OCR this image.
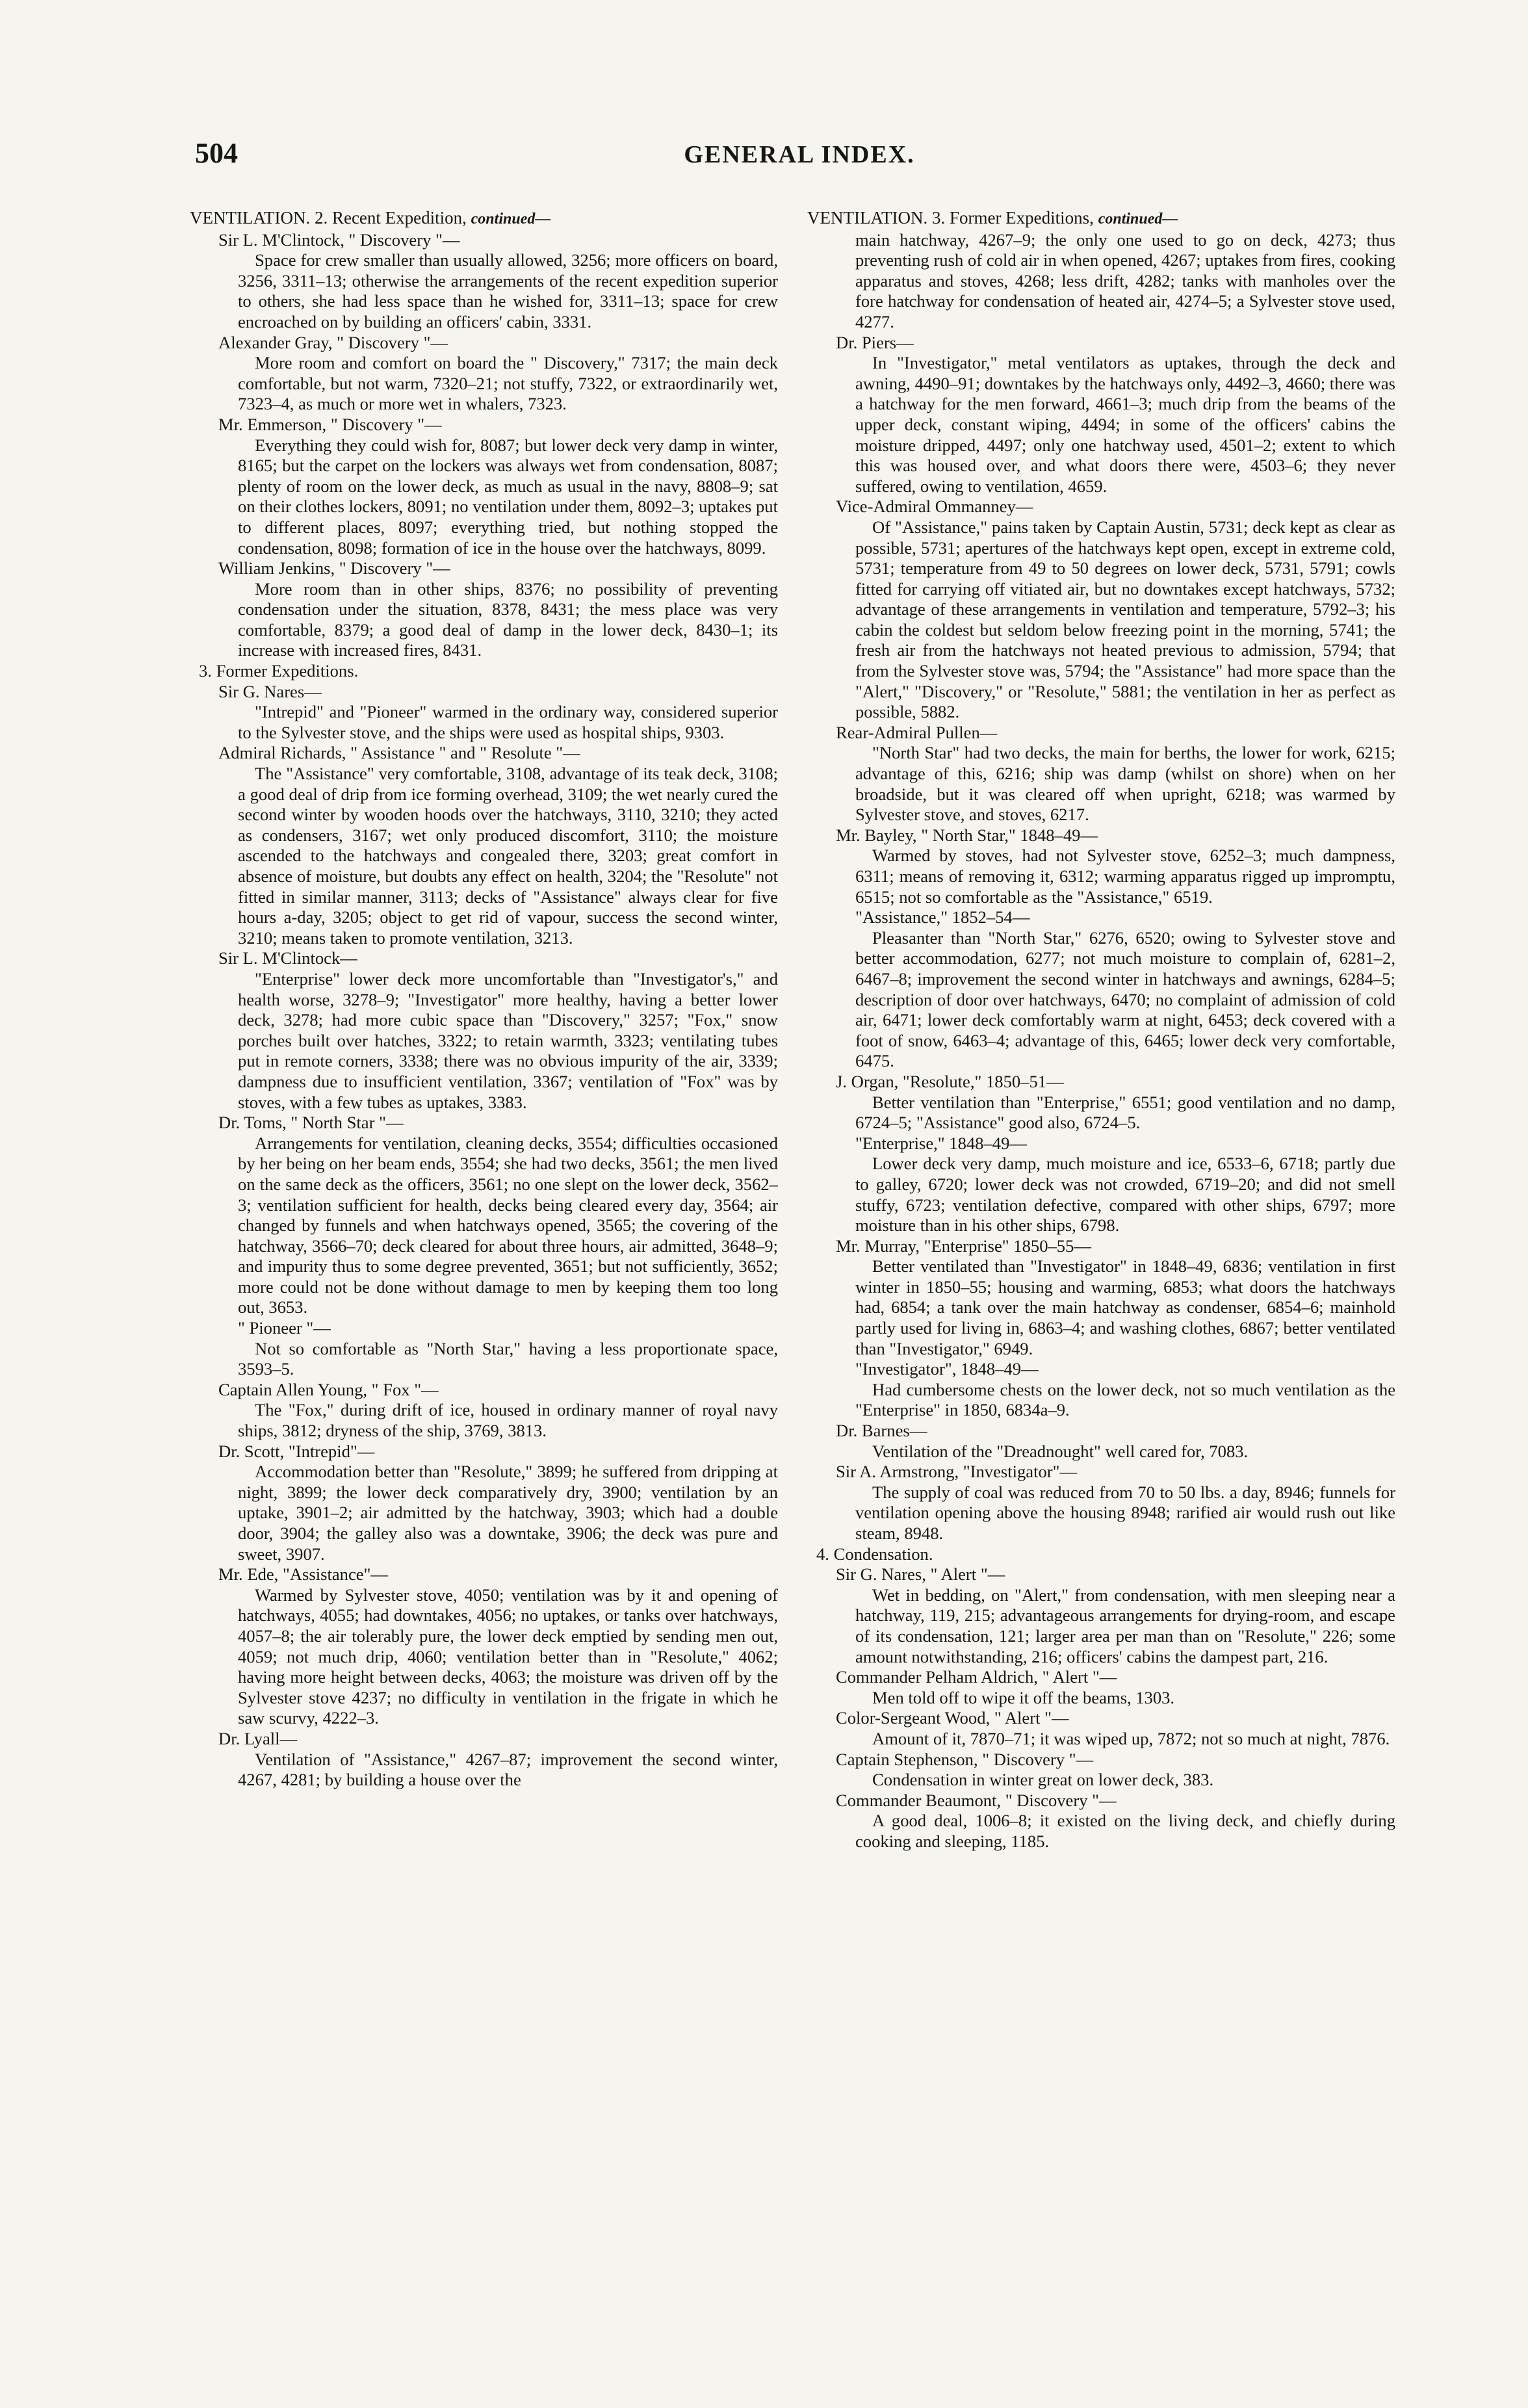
504	GENERAL INDEX.
VENTILATION. 2. Recent Expedition, continued—
Sir L. M'Clintock, " Discovery "—
Space for crew smaller than usually allowed, 3256; more officers on board, 3256, 3311–13; otherwise the arrangements of the recent expedition superior to others, she had less space than he wished for, 3311–13; space for crew encroached on by building an officers' cabin, 3331.
Alexander Gray, " Discovery "—
More room and comfort on board the " Discovery," 7317; the main deck comfortable, but not warm, 7320–21; not stuffy, 7322, or extraordinarily wet, 7323–4, as much or more wet in whalers, 7323.
Mr. Emmerson, " Discovery "—
Everything they could wish for, 8087; but lower deck very damp in winter, 8165; but the carpet on the lockers was always wet from condensation, 8087; plenty of room on the lower deck, as much as usual in the navy, 8808–9; sat on their clothes lockers, 8091; no ventilation under them, 8092–3; uptakes put to different places, 8097; everything tried, but nothing stopped the condensation, 8098; formation of ice in the house over the hatchways, 8099.
William Jenkins, " Discovery "—
More room than in other ships, 8376; no possibility of preventing condensation under the situation, 8378, 8431; the mess place was very comfortable, 8379; a good deal of damp in the lower deck, 8430–1; its increase with increased fires, 8431.
3. Former Expeditions.
Sir G. Nares—
"Intrepid" and "Pioneer" warmed in the ordinary way, considered superior to the Sylvester stove, and the ships were used as hospital ships, 9303.
Admiral Richards, " Assistance " and " Resolute "—
The "Assistance" very comfortable, 3108, advantage of its teak deck, 3108; a good deal of drip from ice forming overhead, 3109; the wet nearly cured the second winter by wooden hoods over the hatchways, 3110, 3210; they acted as condensers, 3167; wet only produced discomfort, 3110; the moisture ascended to the hatchways and congealed there, 3203; great comfort in absence of moisture, but doubts any effect on health, 3204; the "Resolute" not fitted in similar manner, 3113; decks of "Assistance" always clear for five hours a-day, 3205; object to get rid of vapour, success the second winter, 3210; means taken to promote ventilation, 3213.
Sir L. M'Clintock—
"Enterprise" lower deck more uncomfortable than "Investigator's," and health worse, 3278–9; "Investigator" more healthy, having a better lower deck, 3278; had more cubic space than "Discovery," 3257; "Fox," snow porches built over hatches, 3322; to retain warmth, 3323; ventilating tubes put in remote corners, 3338; there was no obvious impurity of the air, 3339; dampness due to insufficient ventilation, 3367; ventilation of "Fox" was by stoves, with a few tubes as uptakes, 3383.
Dr. Toms, " North Star "—
Arrangements for ventilation, cleaning decks, 3554; difficulties occasioned by her being on her beam ends, 3554; she had two decks, 3561; the men lived on the same deck as the officers, 3561; no one slept on the lower deck, 3562–3; ventilation sufficient for health, decks being cleared every day, 3564; air changed by funnels and when hatchways opened, 3565; the covering of the hatchway, 3566–70; deck cleared for about three hours, air admitted, 3648–9; and impurity thus to some degree prevented, 3651; but not sufficiently, 3652; more could not be done without damage to men by keeping them too long out, 3653.
" Pioneer "—
Not so comfortable as "North Star," having a less proportionate space, 3593–5.
Captain Allen Young, " Fox "—
The "Fox," during drift of ice, housed in ordinary manner of royal navy ships, 3812; dryness of the ship, 3769, 3813.
Dr. Scott, "Intrepid"—
Accommodation better than "Resolute," 3899; he suffered from dripping at night, 3899; the lower deck comparatively dry, 3900; ventilation by an uptake, 3901–2; air admitted by the hatchway, 3903; which had a double door, 3904; the galley also was a downtake, 3906; the deck was pure and sweet, 3907.
Mr. Ede, "Assistance"—
Warmed by Sylvester stove, 4050; ventilation was by it and opening of hatchways, 4055; had downtakes, 4056; no uptakes, or tanks over hatchways, 4057–8; the air tolerably pure, the lower deck emptied by sending men out, 4059; not much drip, 4060; ventilation better than in "Resolute," 4062; having more height between decks, 4063; the moisture was driven off by the Sylvester stove 4237; no difficulty in ventilation in the frigate in which he saw scurvy, 4222–3.
Dr. Lyall—
Ventilation of "Assistance," 4267–87; improvement the second winter, 4267, 4281; by building a house over the
VENTILATION. 3. Former Expeditions, continued—
main hatchway, 4267–9; the only one used to go on deck, 4273; thus preventing rush of cold air in when opened, 4267; uptakes from fires, cooking apparatus and stoves, 4268; less drift, 4282; tanks with manholes over the fore hatchway for condensation of heated air, 4274–5; a Sylvester stove used, 4277.
Dr. Piers—
In "Investigator," metal ventilators as uptakes, through the deck and awning, 4490–91; downtakes by the hatchways only, 4492–3, 4660; there was a hatchway for the men forward, 4661–3; much drip from the beams of the upper deck, constant wiping, 4494; in some of the officers' cabins the moisture dripped, 4497; only one hatchway used, 4501–2; extent to which this was housed over, and what doors there were, 4503–6; they never suffered, owing to ventilation, 4659.
Vice-Admiral Ommanney—
Of "Assistance," pains taken by Captain Austin, 5731; deck kept as clear as possible, 5731; apertures of the hatchways kept open, except in extreme cold, 5731; temperature from 49 to 50 degrees on lower deck, 5731, 5791; cowls fitted for carrying off vitiated air, but no downtakes except hatchways, 5732; advantage of these arrangements in ventilation and temperature, 5792–3; his cabin the coldest but seldom below freezing point in the morning, 5741; the fresh air from the hatchways not heated previous to admission, 5794; that from the Sylvester stove was, 5794; the "Assistance" had more space than the "Alert," "Discovery," or "Resolute," 5881; the ventilation in her as perfect as possible, 5882.
Rear-Admiral Pullen—
"North Star" had two decks, the main for berths, the lower for work, 6215; advantage of this, 6216; ship was damp (whilst on shore) when on her broadside, but it was cleared off when upright, 6218; was warmed by Sylvester stove, and stoves, 6217.
Mr. Bayley, " North Star," 1848–49—
Warmed by stoves, had not Sylvester stove, 6252–3; much dampness, 6311; means of removing it, 6312; warming apparatus rigged up impromptu, 6515; not so comfortable as the "Assistance," 6519.
"Assistance," 1852–54—
Pleasanter than "North Star," 6276, 6520; owing to Sylvester stove and better accommodation, 6277; not much moisture to complain of, 6281–2, 6467–8; improvement the second winter in hatchways and awnings, 6284–5; description of door over hatchways, 6470; no complaint of admission of cold air, 6471; lower deck comfortably warm at night, 6453; deck covered with a foot of snow, 6463–4; advantage of this, 6465; lower deck very comfortable, 6475.
J. Organ, "Resolute," 1850–51—
Better ventilation than "Enterprise," 6551; good ventilation and no damp, 6724–5; "Assistance" good also, 6724–5.
"Enterprise," 1848–49—
Lower deck very damp, much moisture and ice, 6533–6, 6718; partly due to galley, 6720; lower deck was not crowded, 6719–20; and did not smell stuffy, 6723; ventilation defective, compared with other ships, 6797; more moisture than in his other ships, 6798.
Mr. Murray, "Enterprise" 1850–55—
Better ventilated than "Investigator" in 1848–49, 6836; ventilation in first winter in 1850–55; housing and warming, 6853; what doors the hatchways had, 6854; a tank over the main hatchway as condenser, 6854–6; mainhold partly used for living in, 6863–4; and washing clothes, 6867; better ventilated than "Investigator," 6949.
"Investigator", 1848–49—
Had cumbersome chests on the lower deck, not so much ventilation as the "Enterprise" in 1850, 6834a–9.
Dr. Barnes—
Ventilation of the "Dreadnought" well cared for, 7083.
Sir A. Armstrong, "Investigator"—
The supply of coal was reduced from 70 to 50 lbs. a day, 8946; funnels for ventilation opening above the housing 8948; rarified air would rush out like steam, 8948.
4. Condensation.
Sir G. Nares, " Alert "—
Wet in bedding, on "Alert," from condensation, with men sleeping near a hatchway, 119, 215; advantageous arrangements for drying-room, and escape of its condensation, 121; larger area per man than on "Resolute," 226; some amount notwithstanding, 216; officers' cabins the dampest part, 216.
Commander Pelham Aldrich, " Alert "—
Men told off to wipe it off the beams, 1303.
Color-Sergeant Wood, " Alert "—
Amount of it, 7870–71; it was wiped up, 7872; not so much at night, 7876.
Captain Stephenson, " Discovery "—
Condensation in winter great on lower deck, 383.
Commander Beaumont, " Discovery "—
A good deal, 1006–8; it existed on the living deck, and chiefly during cooking and sleeping, 1185.
